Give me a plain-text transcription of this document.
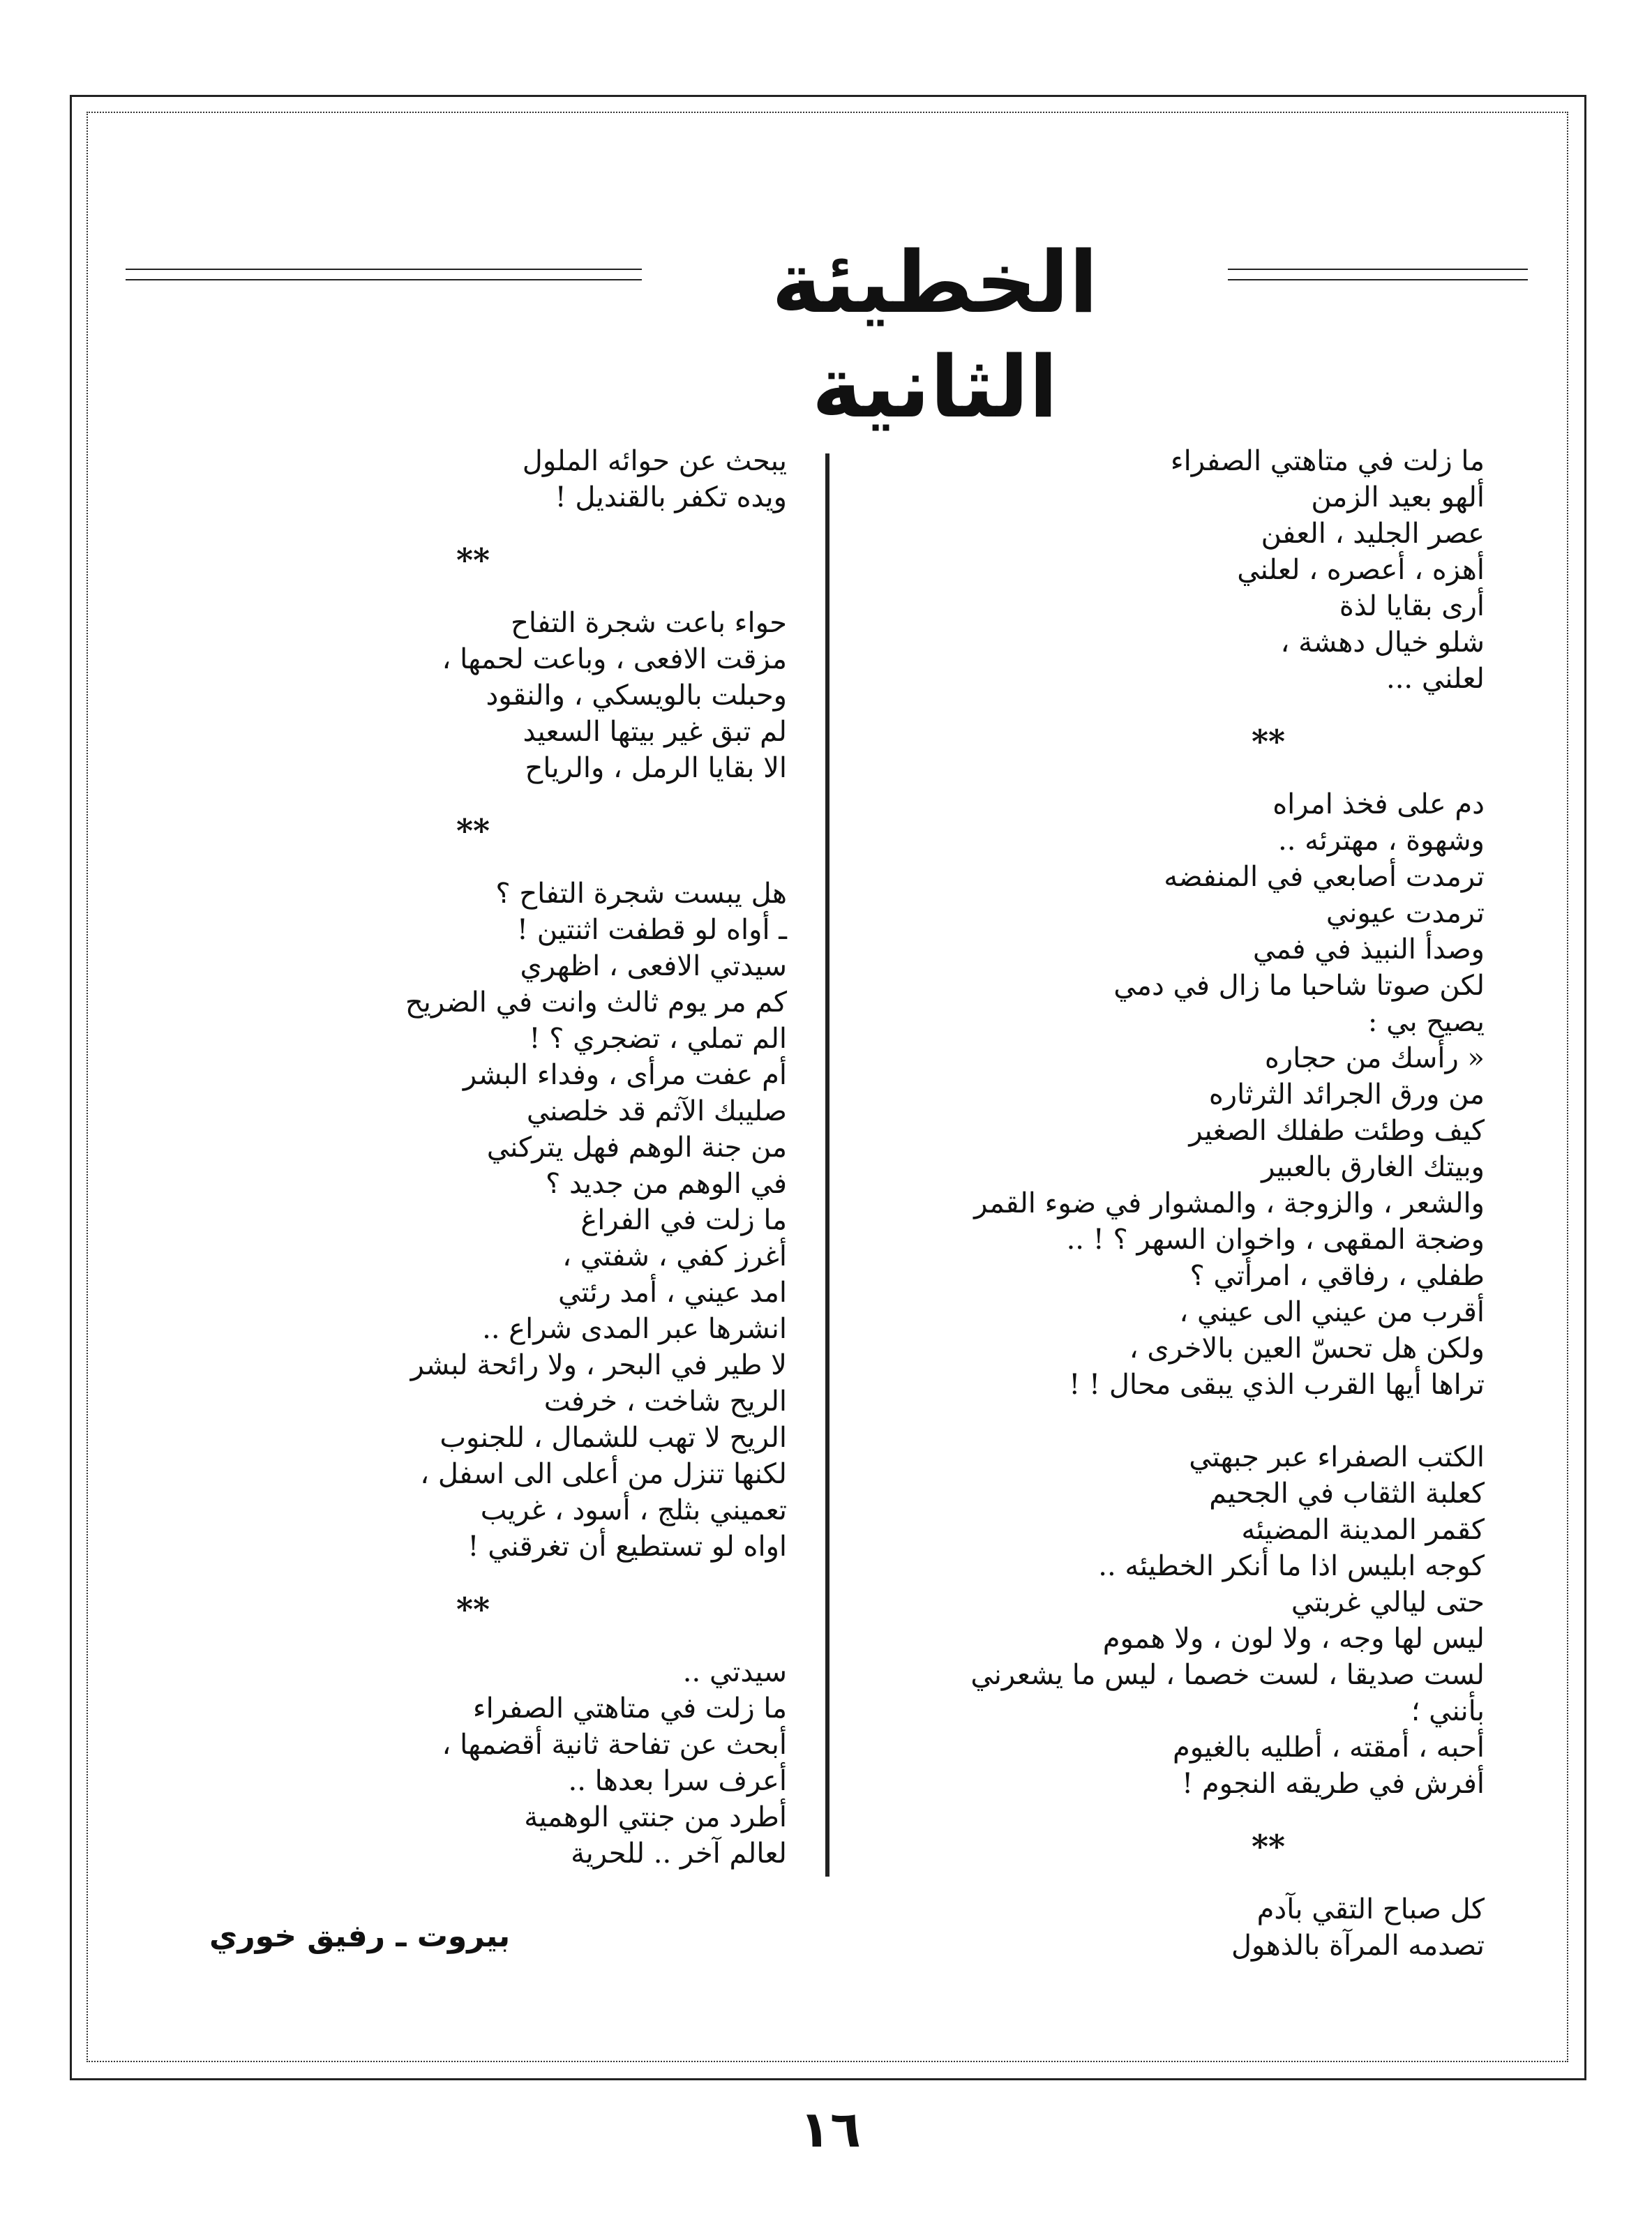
الخطيئة الثانية
ما زلت في متاهتي الصفراء
ألهو بعيد الزمن
عصر الجليد ، العفن
أهزه ، أعصره ، لعلني
أرى بقايا لذة
شلو خيال دهشة ،
لعلني ...
**
دم على فخذ امراه
وشهوة ، مهترئه ..
ترمدت أصابعي في المنفضه
ترمدت عيوني
وصدأ النبيذ في فمي
لكن صوتا شاحبا ما زال في دمي
يصيح بي :
« رأسك من حجاره
من ورق الجرائد الثرثاره
كيف وطئت طفلك الصغير
وبيتك الغارق بالعبير
والشعر ، والزوجة ، والمشوار في ضوء القمر
وضجة المقهى ، واخوان السهر ؟ ! ..
طفلي ، رفاقي ، امرأتي ؟
أقرب من عيني الى عيني ،
ولكن هل تحسّ العين بالاخرى ،
تراها أيها القرب الذي يبقى محال ! !
الكتب الصفراء عبر جبهتي
كعلبة الثقاب في الجحيم
كقمر المدينة المضيئه
كوجه ابليس اذا ما أنكر الخطيئه ..
حتى ليالي غربتي
ليس لها وجه ، ولا لون ، ولا هموم
لست صديقا ، لست خصما ، ليس ما يشعرني
بأنني ؛
أحبه ، أمقته ، أطليه بالغيوم
أفرش في طريقه النجوم !
**
كل صباح التقي بآدم
تصدمه المرآة بالذهول
يبحث عن حوائه الملول
ويده تكفر بالقنديل !
**
حواء باعت شجرة التفاح
مزقت الافعى ، وباعت لحمها ،
وحبلت بالويسكي ، والنقود
لم تبق غير بيتها السعيد
الا بقايا الرمل ، والرياح
**
هل يبست شجرة التفاح ؟
ـ أواه لو قطفت اثنتين !
سيدتي الافعى ، اظهري
كم مر يوم ثالث وانت في الضريح
الم تملي ، تضجري ؟ !
أم عفت مرأى ، وفداء البشر
صليبك الآثم قد خلصني
من جنة الوهم فهل يتركني
في الوهم من جديد ؟
ما زلت في الفراغ
أغرز كفي ، شفتي ،
امد عيني ، أمد رئتي
انشرها عبر المدى شراع ..
لا طير في البحر ، ولا رائحة لبشر
الريح شاخت ، خرفت
الريح لا تهب للشمال ، للجنوب
لكنها تنزل من أعلى الى اسفل ،
تعميني بثلج ، أسود ، غريب
اواه لو تستطيع أن تغرقني !
**
سيدتي ..
ما زلت في متاهتي الصفراء
أبحث عن تفاحة ثانية أقضمها ،
أعرف سرا بعدها ..
أطرد من جنتي الوهمية
لعالم آخر .. للحرية
بيروت ـ رفيق خوري
١٦
